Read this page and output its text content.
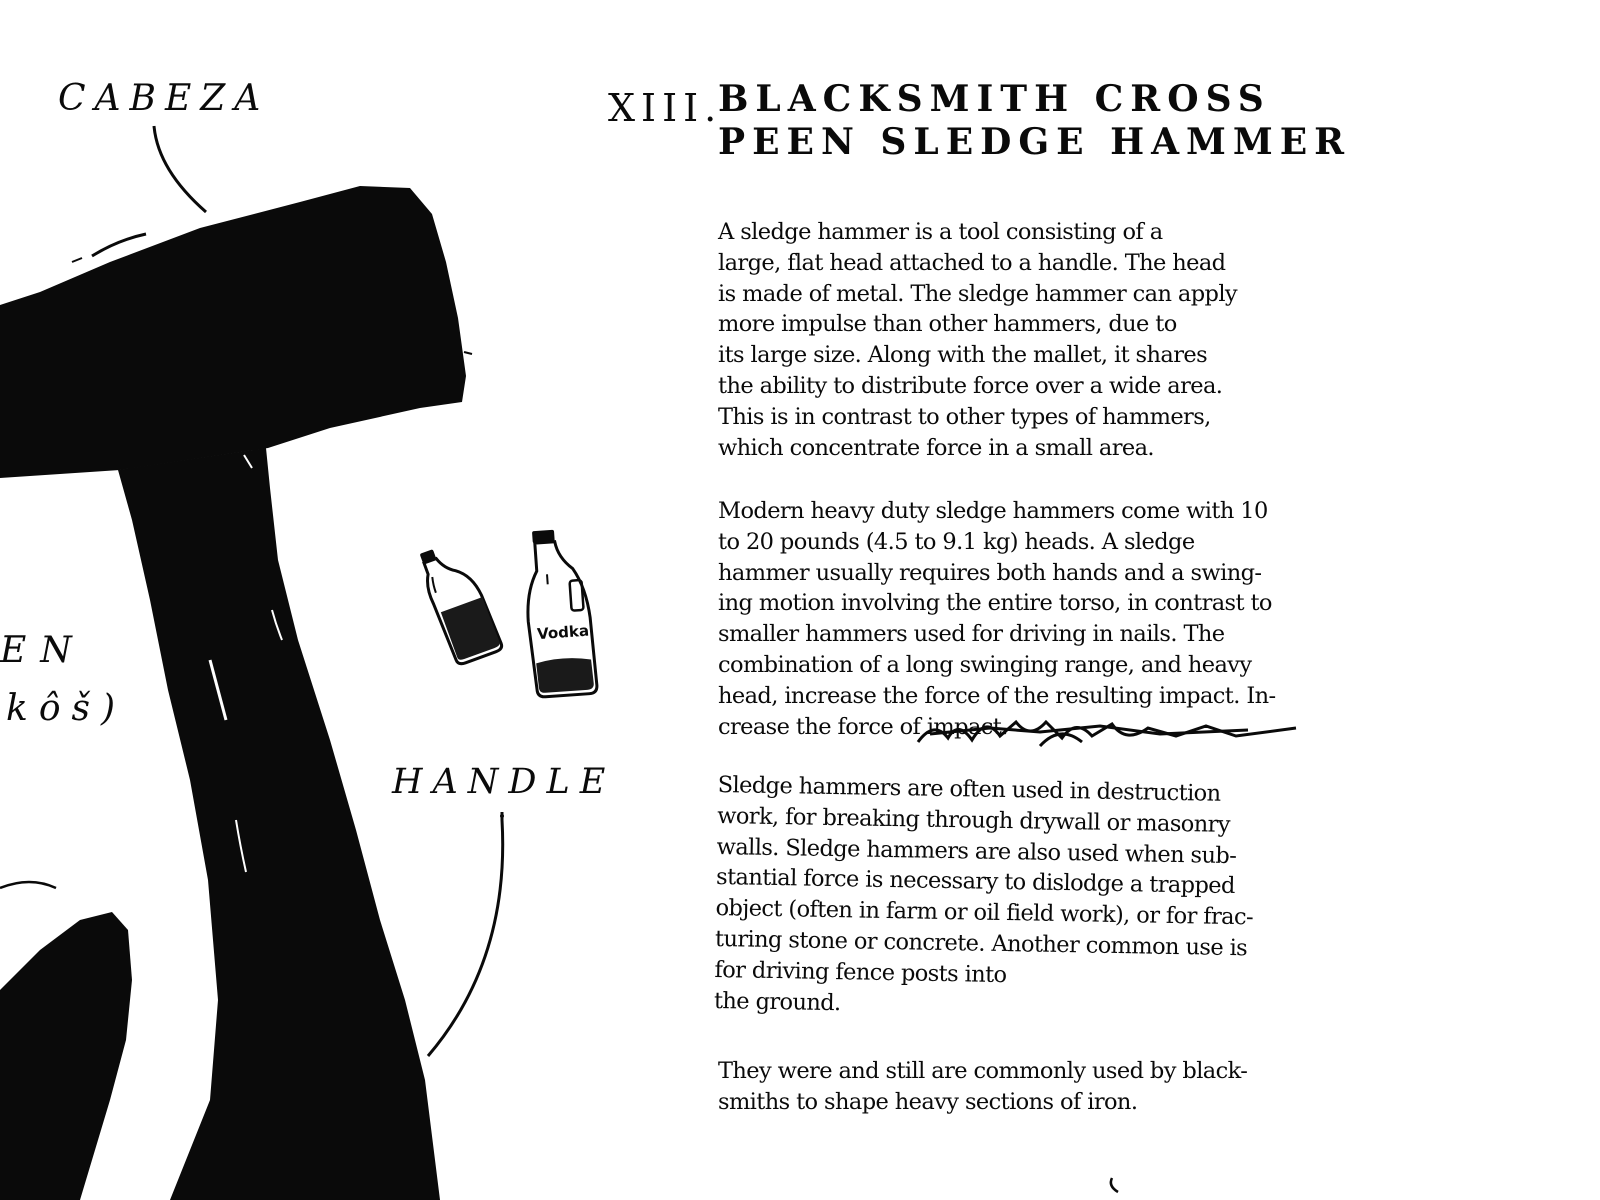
Vodka
CABEZA
HANDLE
EN
kôš)
XIII.
BLACKSMITH CROSS
PEEN SLEDGE HAMMER

A sledge hammer is a tool consisting of a
large, flat head attached to a handle. The head
is made of metal. The sledge hammer can apply
more impulse than other hammers, due to
its large size. Along with the mallet, it shares
the ability to distribute force over a wide area.
This is in contrast to other types of hammers,
which concentrate force in a small area.

Modern heavy duty sledge hammers come with 10
to 20 pounds (4.5 to 9.1 kg) heads. A sledge
hammer usually requires both hands and a swing-
ing motion involving the entire torso, in contrast to
smaller hammers used for driving in nails. The
combination of a long swinging range, and heavy
head, increase the force of the resulting impact. In-
crease the force of impact.

Sledge hammers are often used in destruction
work, for breaking through drywall or masonry
walls. Sledge hammers are also used when sub-
stantial force is necessary to dislodge a trapped
object (often in farm or oil field work), or for frac-
turing stone or concrete. Another common use is
for driving fence posts into
the ground.

They were and still are commonly used by black-
smiths to shape heavy sections of iron.
